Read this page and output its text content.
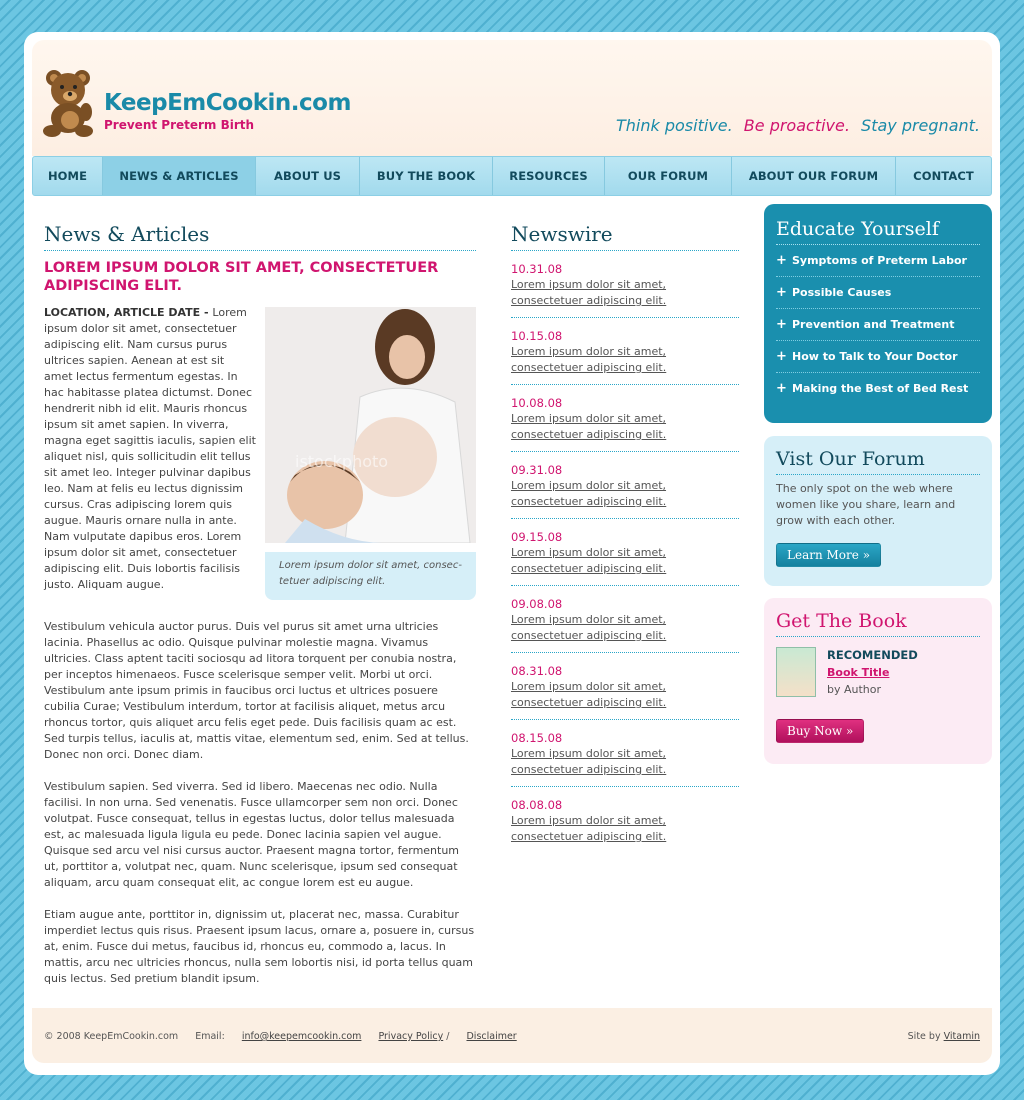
KeepEmCookin.com
Prevent Preterm Birth	Think positive. Be proactive. Stay pregnant.
HOME	NEWS & ARTICLES	ABOUT US	BUY THE BOOK	RESOURCES	OUR FORUM	ABOUT OUR FORUM	CONTACT
News & Articles
LOREM IPSUM DOLOR SIT AMET, CONSECTETUER ADIPISCING ELIT.
LOCATION, ARTICLE DATE - Lorem ipsum dolor sit amet, consectetuer adipiscing elit. Nam cursus purus ultrices sapien. Aenean at est sit amet lectus fermentum egestas. In hac habitasse platea dictumst. Donec hendrerit nibh id elit. Mauris rhoncus ipsum sit amet sapien. In viverra, magna eget sagittis iaculis, sapien elit aliquet nisl, quis sollicitudin elit tellus sit amet leo. Integer pulvinar dapibus leo. Nam at felis eu lectus dignissim cursus. Cras adipiscing lorem quis augue. Mauris ornare nulla in ante. Nam vulputate dapibus eros. Lorem ipsum dolor sit amet, consectetuer adipiscing elit. Duis lobortis facilisis justo. Aliquam augue.
istockphoto
Lorem ipsum dolor sit amet, consec- tetuer adipiscing elit.

Vestibulum vehicula auctor purus. Duis vel purus sit amet urna ultricies lacinia. Phasellus ac odio. Quisque pulvinar molestie magna. Vivamus ultricies. Class aptent taciti sociosqu ad litora torquent per conubia nostra, per inceptos himenaeos. Fusce scelerisque semper velit. Morbi ut orci. Vestibulum ante ipsum primis in faucibus orci luctus et ultrices posuere cubilia Curae; Vestibulum interdum, tortor at facilisis aliquet, metus arcu rhoncus tortor, quis aliquet arcu felis eget pede. Duis facilisis quam ac est. Sed turpis tellus, iaculis at, mattis vitae, elementum sed, enim. Sed at tellus. Donec non orci. Donec diam.

Vestibulum sapien. Sed viverra. Sed id libero. Maecenas nec odio. Nulla facilisi. In non urna. Sed venenatis. Fusce ullamcorper sem non orci. Donec volutpat. Fusce consequat, tellus in egestas luctus, dolor tellus malesuada est, ac malesuada ligula ligula eu pede. Donec lacinia sapien vel augue. Quisque sed arcu vel nisi cursus auctor. Praesent magna tortor, fermentum ut, porttitor a, volutpat nec, quam. Nunc scelerisque, ipsum sed consequat aliquam, arcu quam consequat elit, ac congue lorem est eu augue.

Etiam augue ante, porttitor in, dignissim ut, placerat nec, massa. Curabitur imperdiet lectus quis risus. Praesent ipsum lacus, ornare a, posuere in, cursus at, enim. Fusce dui metus, faucibus id, rhoncus eu, commodo a, lacus. In mattis, arcu nec ultricies rhoncus, nulla sem lobortis nisi, id porta tellus quam quis lectus. Sed pretium blandit ipsum.

Newswire
10.31.08
Lorem ipsum dolor sit amet, consectetuer adipiscing elit.
10.15.08
Lorem ipsum dolor sit amet, consectetuer adipiscing elit.
10.08.08
Lorem ipsum dolor sit amet, consectetuer adipiscing elit.
09.31.08
Lorem ipsum dolor sit amet, consectetuer adipiscing elit.
09.15.08
Lorem ipsum dolor sit amet, consectetuer adipiscing elit.
09.08.08
Lorem ipsum dolor sit amet, consectetuer adipiscing elit.
08.31.08
Lorem ipsum dolor sit amet, consectetuer adipiscing elit.
08.15.08
Lorem ipsum dolor sit amet, consectetuer adipiscing elit.
08.08.08
Lorem ipsum dolor sit amet, consectetuer adipiscing elit.
Educate Yourself
+ Symptoms of Preterm Labor
+ Possible Causes
+ Prevention and Treatment
+ How to Talk to Your Doctor
+ Making the Best of Bed Rest
Vist Our Forum

The only spot on the web where women like you share, learn and grow with each other.

Learn More »
Get The Book
RECOMENDED
Book Title
by Author
Buy Now »
© 2008 KeepEmCookin.com Email: info@keepemcookin.com Privacy Policy / Disclaimer	Site by Vitamin
